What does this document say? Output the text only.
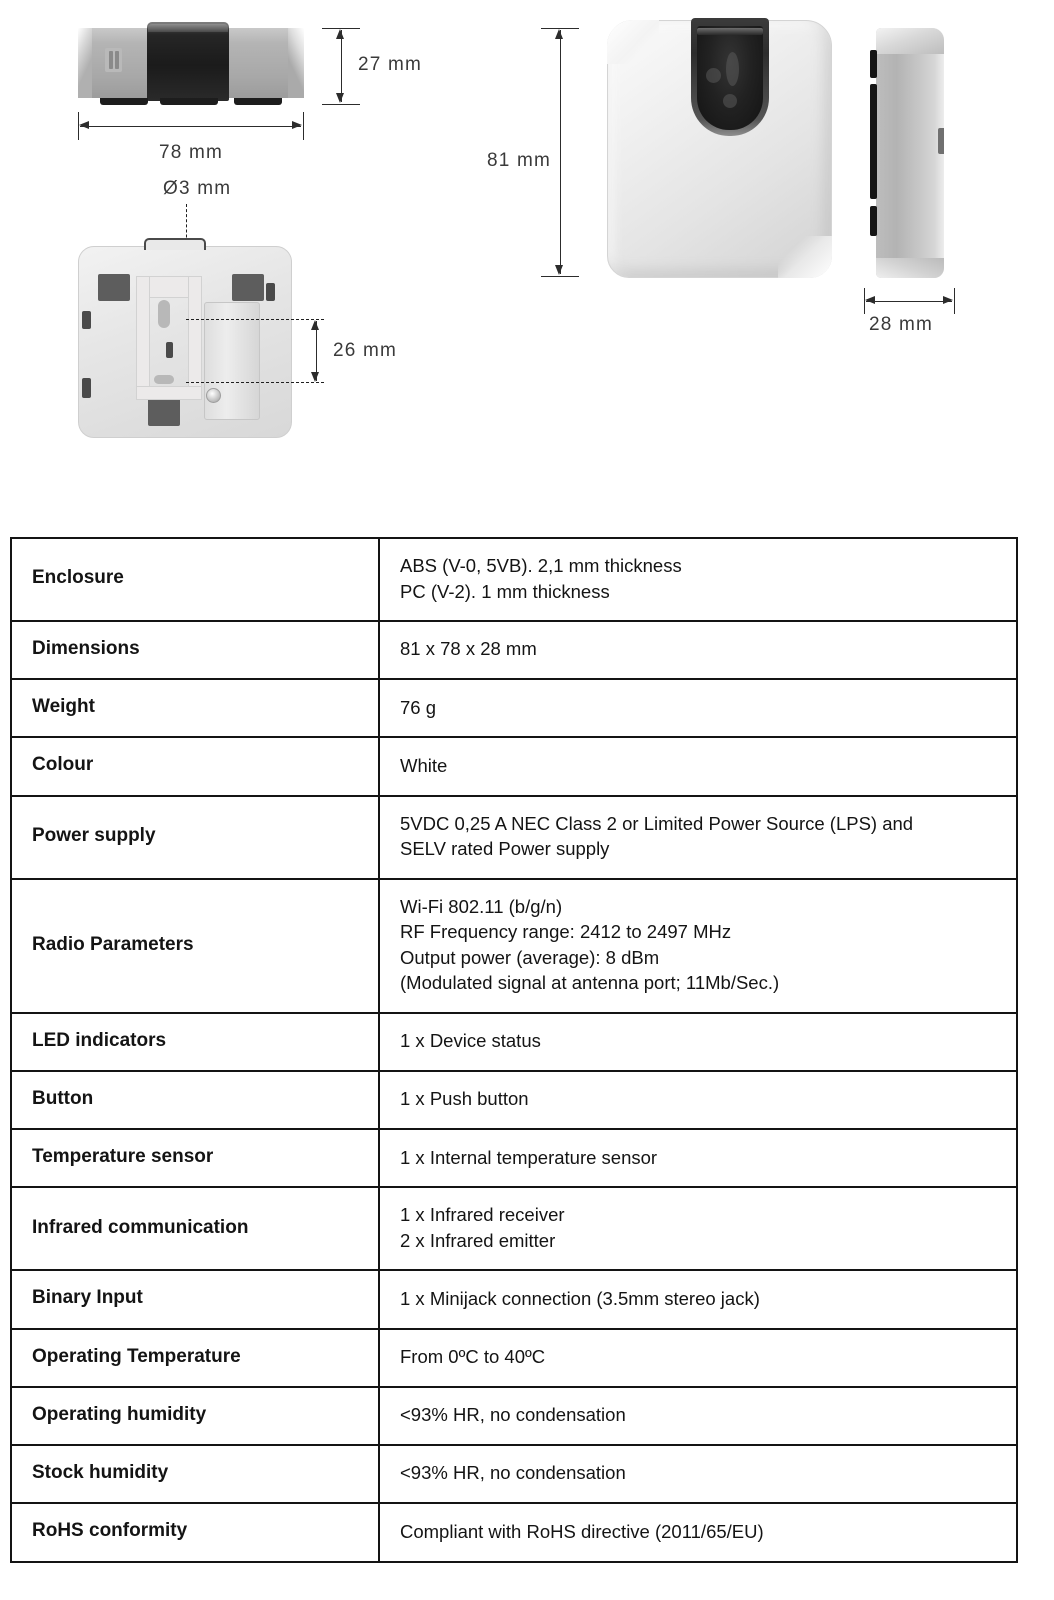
27 mm
78 mm
Ø3 mm
26 mm
81 mm
28 mm
Enclosure	ABS (V-0, 5VB). 2,1 mm thickness
PC (V-2). 1 mm thickness

Dimensions	81 x 78 x 28 mm

Weight	76 g

Colour	White

Power supply	5VDC 0,25 A NEC Class 2 or Limited Power Source (LPS) and
SELV rated Power supply

Radio Parameters	Wi-Fi 802.11 (b/g/n)
RF Frequency range: 2412 to 2497 MHz
Output power (average): 8 dBm
(Modulated signal at antenna port; 11Mb/Sec.)

LED indicators	1 x Device status

Button	1 x Push button

Temperature sensor	1 x Internal temperature sensor

Infrared communication	1 x Infrared receiver
2 x Infrared emitter

Binary Input	1 x Minijack connection (3.5mm stereo jack)

Operating Temperature	From 0ºC to 40ºC

Operating humidity	<93% HR, no condensation

Stock humidity	<93% HR, no condensation

RoHS conformity	Compliant with RoHS directive (2011/65/EU)
